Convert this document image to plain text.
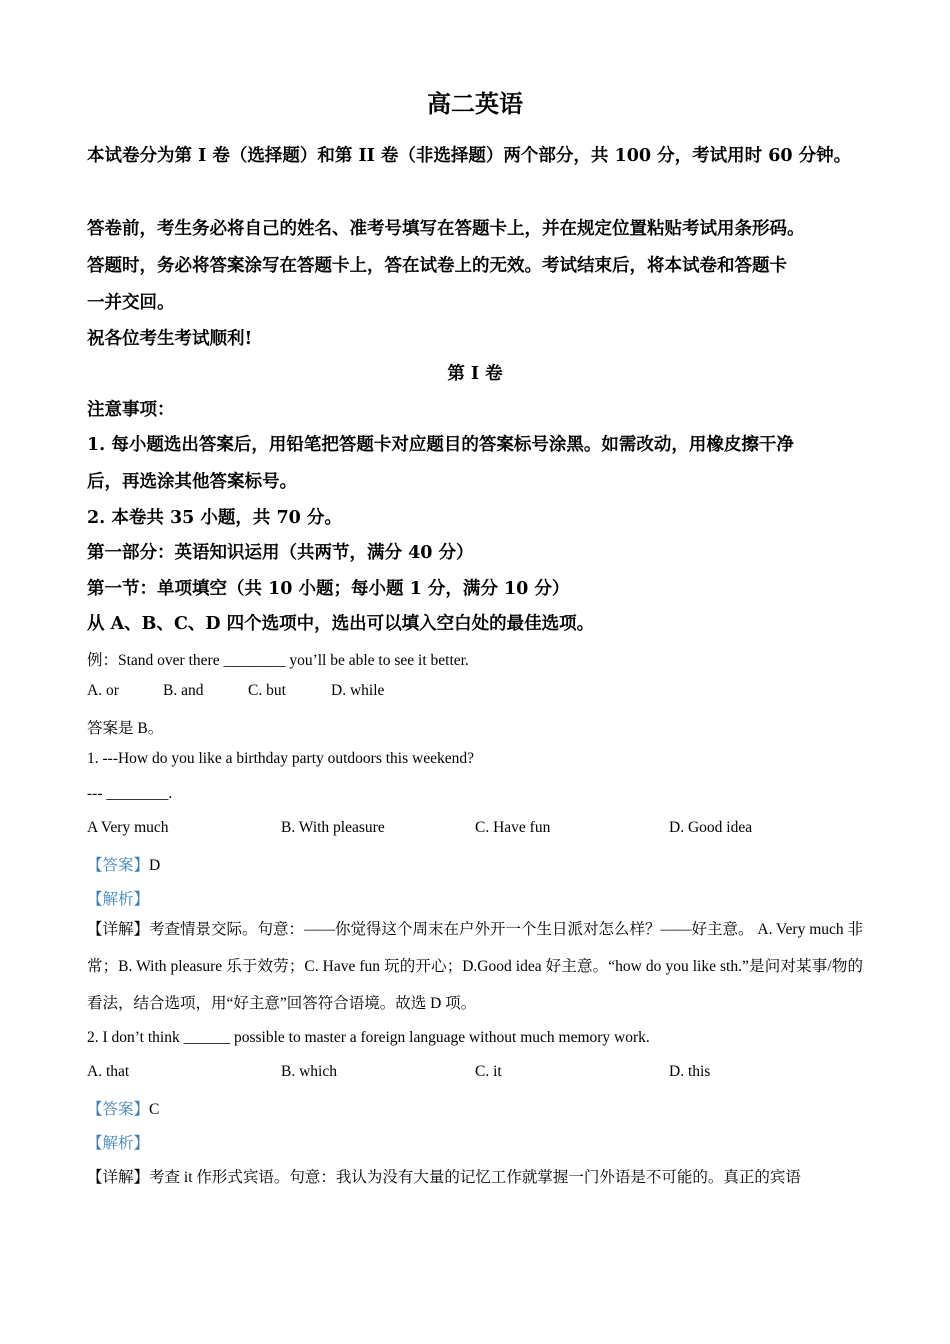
高二英语
本试卷分为第 I 卷（选择题）和第 II 卷（非选择题）两个部分，共 100 分，考试用时 60 分钟。
答卷前，考生务必将自己的姓名、准考号填写在答题卡上，并在规定位置粘贴考试用条形码。
答题时，务必将答案涂写在答题卡上，答在试卷上的无效。考试结束后，将本试卷和答题卡
一并交回。
祝各位考生考试顺利!
第 I 卷
注意事项：
1. 每小题选出答案后，用铅笔把答题卡对应题目的答案标号涂黑。如需改动，用橡皮擦干净
后，再选涂其他答案标号。
2. 本卷共 35 小题，共 70 分。
第一部分：英语知识运用（共两节，满分 40 分）
第一节：单项填空（共 10 小题；每小题 1 分，满分 10 分）
从 A、B、C、D 四个选项中，选出可以填入空白处的最佳选项。
例：Stand over there ________ you’ll be able to see it better.
A. or	B. and	C. but	D. while
答案是 B。
1. ---How do you like a birthday party outdoors this weekend?
--- ________.
A Very much	B. With pleasure	C. Have fun	D. Good idea
【答案】D
【解析】
【详解】考查情景交际。句意：——你觉得这个周末在户外开一个生日派对怎么样？——好主意。 A. Very much 非常；B. With pleasure 乐于效劳；C. Have fun 玩的开心；D.Good idea 好主意。“how do you like sth.”是问对某事/物的看法，结合选项，用“好主意”回答符合语境。故选 D 项。
2. I don’t think ______ possible to master a foreign language without much memory work.
A. that	B. which	C. it	D. this
【答案】C
【解析】
【详解】考查 it 作形式宾语。句意：我认为没有大量的记忆工作就掌握一门外语是不可能的。真正的宾语
